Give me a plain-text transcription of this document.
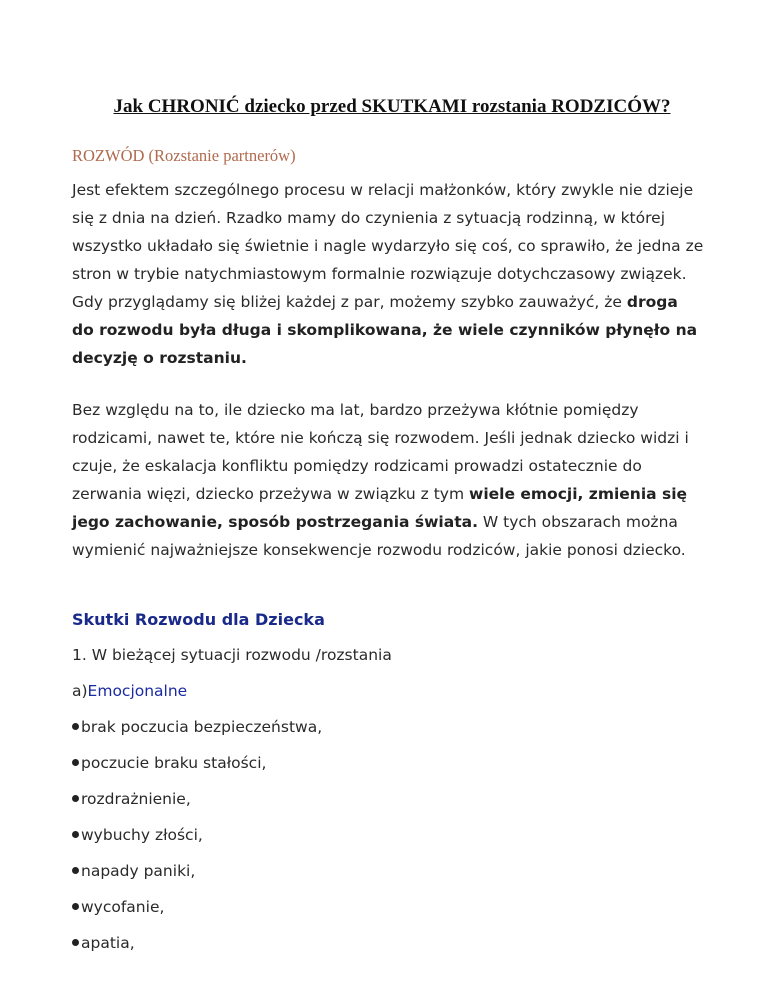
Jak CHRONIĆ dziecko przed SKUTKAMI rozstania RODZICÓW?
ROZWÓD (Rozstanie partnerów)
Jest efektem szczególnego procesu w relacji małżonków, który zwykle nie dzieje się z dnia na dzień. Rzadko mamy do czynienia z sytuacją rodzinną, w której wszystko układało się świetnie i nagle wydarzyło się coś, co sprawiło, że jedna ze stron w trybie natychmiastowym formalnie rozwiązuje dotychczasowy związek. Gdy przyglądamy się bliżej każdej z par, możemy szybko zauważyć, że droga do rozwodu była długa i skomplikowana, że wiele czynników płynęło na decyzję o rozstaniu.
Bez względu na to, ile dziecko ma lat, bardzo przeżywa kłótnie pomiędzy rodzicami, nawet te, które nie kończą się rozwodem. Jeśli jednak dziecko widzi i czuje, że eskalacja konfliktu pomiędzy rodzicami prowadzi ostatecznie do zerwania więzi, dziecko przeżywa w związku z tym wiele emocji, zmienia się jego zachowanie, sposób postrzegania świata. W tych obszarach można wymienić najważniejsze konsekwencje rozwodu rodziców, jakie ponosi dziecko.
Skutki Rozwodu dla Dziecka
1. W bieżącej sytuacji rozwodu /rozstania
a)Emocjonalne
brak poczucia bezpieczeństwa,
poczucie braku stałości,
rozdrażnienie,
wybuchy złości,
napady paniki,
wycofanie,
apatia,
